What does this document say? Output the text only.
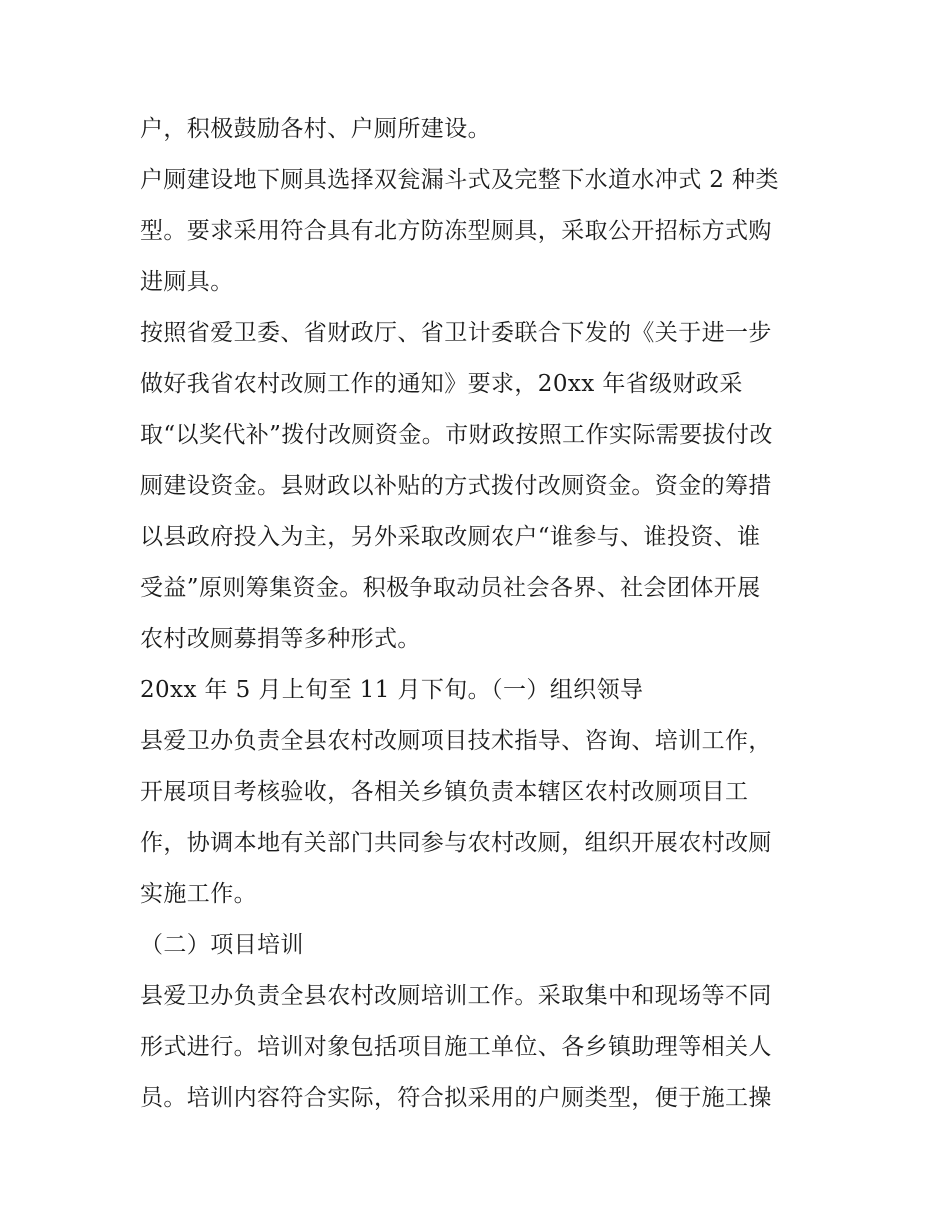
户，积极鼓励各村、户厕所建设。
户厕建设地下厕具选择双瓮漏斗式及完整下水道水冲式 2 种类
型。要求采用符合具有北方防冻型厕具，采取公开招标方式购
进厕具。
按照省爱卫委、省财政厅、省卫计委联合下发的《关于进一步
做好我省农村改厕工作的通知》要求，20xx 年省级财政采
取“以奖代补”拨付改厕资金。市财政按照工作实际需要拔付改
厕建设资金。县财政以补贴的方式拨付改厕资金。资金的筹措
以县政府投入为主，另外采取改厕农户“谁参与、谁投资、谁
受益”原则筹集资金。积极争取动员社会各界、社会团体开展
农村改厕募捐等多种形式。
20xx 年 5 月上旬至 11 月下旬。（一）组织领导
县爱卫办负责全县农村改厕项目技术指导、咨询、培训工作，
开展项目考核验收，各相关乡镇负责本辖区农村改厕项目工
作，协调本地有关部门共同参与农村改厕，组织开展农村改厕
实施工作。
（二）项目培训
县爱卫办负责全县农村改厕培训工作。采取集中和现场等不同
形式进行。培训对象包括项目施工单位、各乡镇助理等相关人
员。培训内容符合实际，符合拟采用的户厕类型，便于施工操
